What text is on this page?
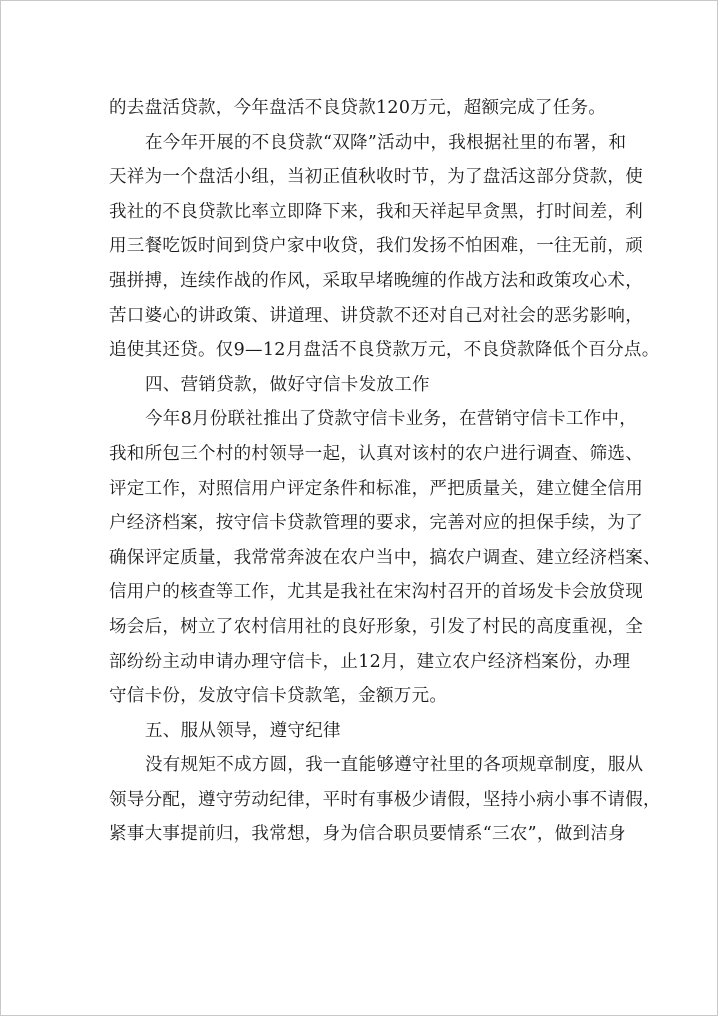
的去盘活贷款，今年盘活不良贷款120万元，超额完成了任务。
在今年开展的不良贷款“双降”活动中，我根据社里的布署，和
天祥为一个盘活小组，当初正值秋收时节，为了盘活这部分贷款，使
我社的不良贷款比率立即降下来，我和天祥起早贪黑，打时间差，利
用三餐吃饭时间到贷户家中收贷，我们发扬不怕困难，一往无前，顽
强拼搏，连续作战的作风，采取早堵晚缠的作战方法和政策攻心术，
苦口婆心的讲政策、讲道理、讲贷款不还对自己对社会的恶劣影响，
追使其还贷。仅9—12月盘活不良贷款万元，不良贷款降低个百分点。
四、营销贷款，做好守信卡发放工作
今年8月份联社推出了贷款守信卡业务，在营销守信卡工作中，
我和所包三个村的村领导一起，认真对该村的农户进行调查、筛选、
评定工作，对照信用户评定条件和标准，严把质量关，建立健全信用
户经济档案，按守信卡贷款管理的要求，完善对应的担保手续，为了
确保评定质量，我常常奔波在农户当中，搞农户调查、建立经济档案、
信用户的核查等工作，尤其是我社在宋沟村召开的首场发卡会放贷现
场会后，树立了农村信用社的良好形象，引发了村民的高度重视，全
部纷纷主动申请办理守信卡，止12月，建立农户经济档案份，办理
守信卡份，发放守信卡贷款笔，金额万元。
五、服从领导，遵守纪律
没有规矩不成方圆，我一直能够遵守社里的各项规章制度，服从
领导分配，遵守劳动纪律，平时有事极少请假，坚持小病小事不请假，
紧事大事提前归，我常想，身为信合职员要情系“三农”，做到洁身
